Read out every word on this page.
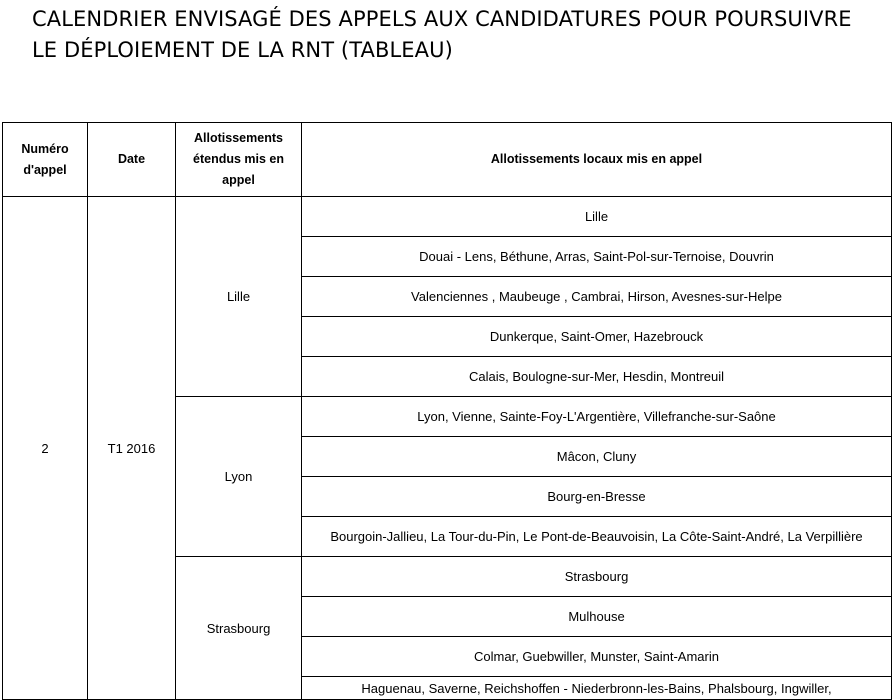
CALENDRIER ENVISAGÉ DES APPELS AUX CANDIDATURES POUR POURSUIVRE LE DÉPLOIEMENT DE LA RNT (TABLEAU)
Numéro d'appel	Date	Allotissements étendus mis en appel	Allotissements locaux mis en appel
2	T1 2016	Lille	Lille
			Douai - Lens, Béthune, Arras, Saint-Pol-sur-Ternoise, Douvrin
			Valenciennes , Maubeuge , Cambrai, Hirson, Avesnes-sur-Helpe
			Dunkerque, Saint-Omer, Hazebrouck
			Calais, Boulogne-sur-Mer, Hesdin, Montreuil
		Lyon	Lyon, Vienne, Sainte-Foy-L'Argentière, Villefranche-sur-Saône
			Mâcon, Cluny
			Bourg-en-Bresse
			Bourgoin-Jallieu, La Tour-du-Pin, Le Pont-de-Beauvoisin, La Côte-Saint-André, La Verpillière
		Strasbourg	Strasbourg
			Mulhouse
			Colmar, Guebwiller, Munster, Saint-Amarin
			Haguenau, Saverne, Reichshoffen - Niederbronn-les-Bains, Phalsbourg, Ingwiller,
